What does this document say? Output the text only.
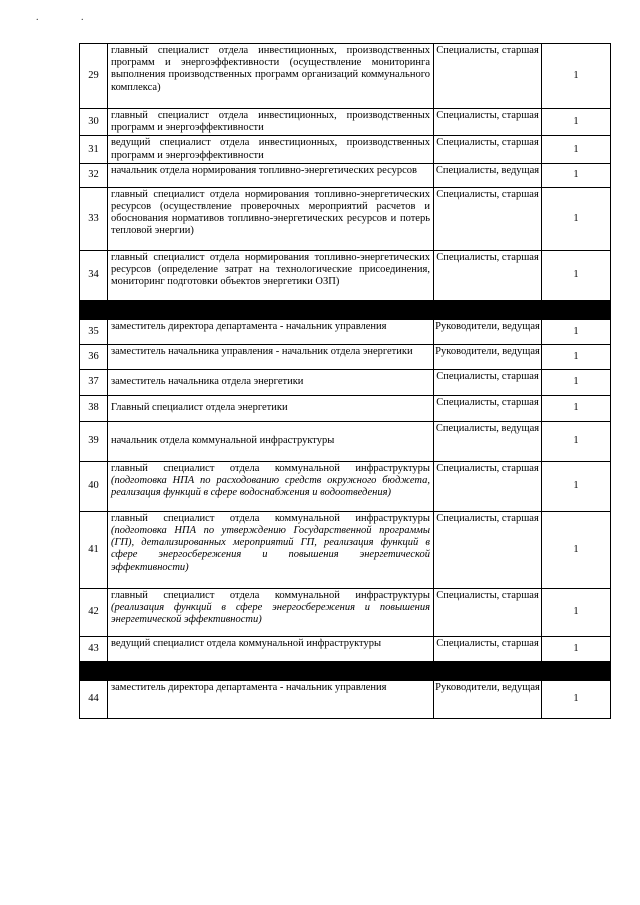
. .
29	главный специалист отдела инвестиционных, производственных программ и энергоэффективности (осуществление мониторинга выполнения производственных программ организаций коммунального комплекса)	Специалисты, старшая	1
30	главный специалист отдела инвестиционных, производственных программ и энергоэффективности	Специалисты, старшая	1
31	ведущий специалист отдела инвестиционных, производственных программ и энергоэффективности	Специалисты, старшая	1
32	начальник отдела нормирования топливно-энергетических ресурсов	Специалисты, ведущая	1
33	главный специалист отдела нормирования топливно-энергетических ресурсов (осуществление проверочных мероприятий расчетов и обоснования нормативов топливно-энергетических ресурсов и потерь тепловой энергии)	Специалисты, старшая	1
34	главный специалист отдела нормирования топливно-энергетических ресурсов (определение затрат на технологические присоединения, мониторинг подготовки объектов энергетики ОЗП)	Специалисты, старшая	1

35	заместитель директора департамента - начальник управления	Руководители, ведущая	1
36	заместитель начальника управления - начальник отдела энергетики	Руководители, ведущая	1
37	заместитель начальника отдела энергетики	Специалисты, старшая	1
38	Главный специалист отдела энергетики	Специалисты, старшая	1
39	начальник отдела коммунальной инфраструктуры	Специалисты, ведущая	1
40	главный специалист отдела коммунальной инфраструктуры (подготовка НПА по расходованию средств окружного бюджета, реализация функций в сфере водоснабжения и водоотведения)	Специалисты, старшая	1
41	главный специалист отдела коммунальной инфраструктуры (подготовка НПА по утверждению Государственной программы (ГП), детализированных мероприятий ГП, реализация функций в сфере энергосбережения и повышения энергетической эффективности)	Специалисты, старшая	1
42	главный специалист отдела коммунальной инфраструктуры (реализация функций в сфере энергосбережения и повышения энергетической эффективности)	Специалисты, старшая	1
43	ведущий специалист отдела коммунальной инфраструктуры	Специалисты, старшая	1

44	заместитель директора департамента - начальник управления	Руководители, ведущая	1
